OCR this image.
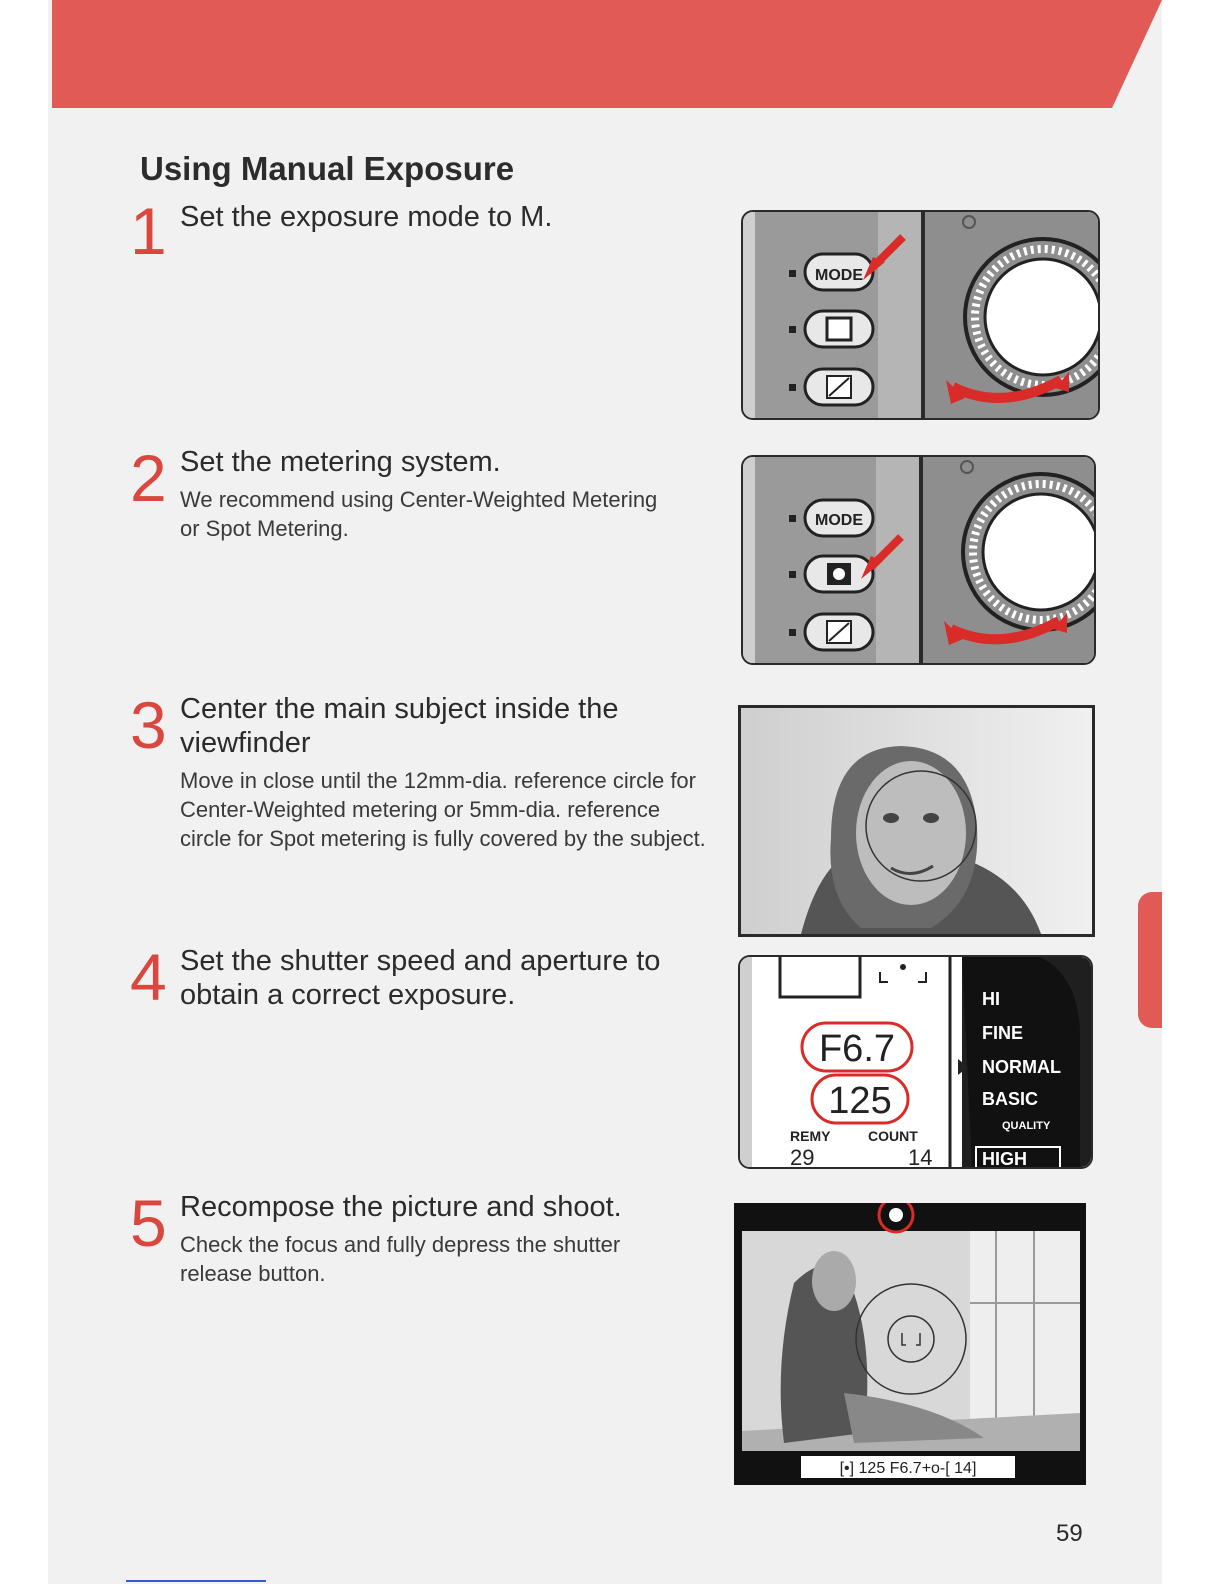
Using Manual Exposure
1 Set the exposure mode to M.
2 Set the metering system.
We recommend using Center-Weighted Metering or Spot Metering.
3 Center the main subject inside the viewfinder
Move in close until the 12mm-dia. reference circle for Center-Weighted metering or 5mm-dia. reference circle for Spot metering is fully covered by the subject.
4 Set the shutter speed and aperture to obtain a correct exposure.
5 Recompose the picture and shoot.
Check the focus and fully depress the shutter release button.
MODE
MODE
F6.7
125
REMY	COUNT
29	14
HI
FINE
NORMAL
BASIC
QUALITY
HIGH
[•] 125 F6.7+o-[ 14]
59
